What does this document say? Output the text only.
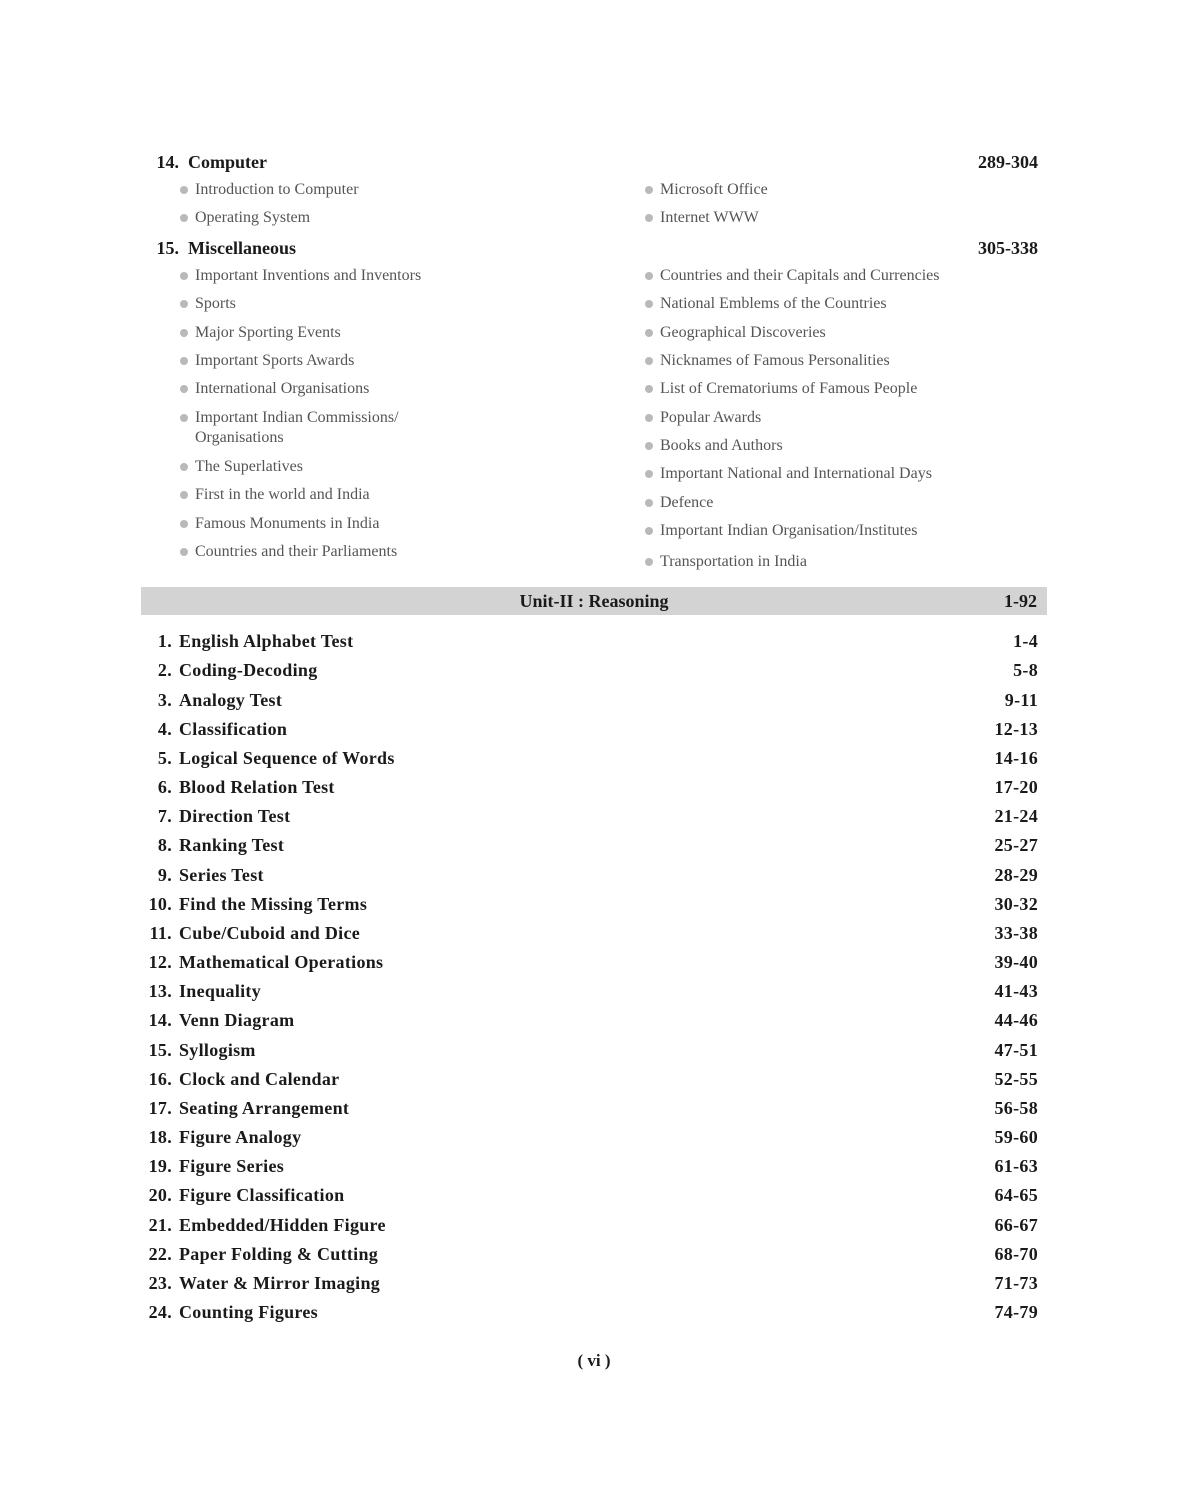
14. Computer	289-304
Introduction to Computer
Operating System
Microsoft Office
Internet WWW
15. Miscellaneous	305-338
Important Inventions and Inventors
Sports
Major Sporting Events
Important Sports Awards
International Organisations
Important Indian Commissions/ Organisations
The Superlatives
First in the world and India
Famous Monuments in India
Countries and their Parliaments
Countries and their Capitals and Currencies
National Emblems of the Countries
Geographical Discoveries
Nicknames of Famous Personalities
List of Crematoriums of Famous People
Popular Awards
Books and Authors
Important National and International Days
Defence
Important Indian Organisation/Institutes
Transportation in India
Unit-II : Reasoning	1-92
1. English Alphabet Test	1-4
2. Coding-Decoding	5-8
3. Analogy Test	9-11
4. Classification	12-13
5. Logical Sequence of Words	14-16
6. Blood Relation Test	17-20
7. Direction Test	21-24
8. Ranking Test	25-27
9. Series Test	28-29
10. Find the Missing Terms	30-32
11. Cube/Cuboid and Dice	33-38
12. Mathematical Operations	39-40
13. Inequality	41-43
14. Venn Diagram	44-46
15. Syllogism	47-51
16. Clock and Calendar	52-55
17. Seating Arrangement	56-58
18. Figure Analogy	59-60
19. Figure Series	61-63
20. Figure Classification	64-65
21. Embedded/Hidden Figure	66-67
22. Paper Folding & Cutting	68-70
23. Water & Mirror Imaging	71-73
24. Counting Figures	74-79
( vi )
